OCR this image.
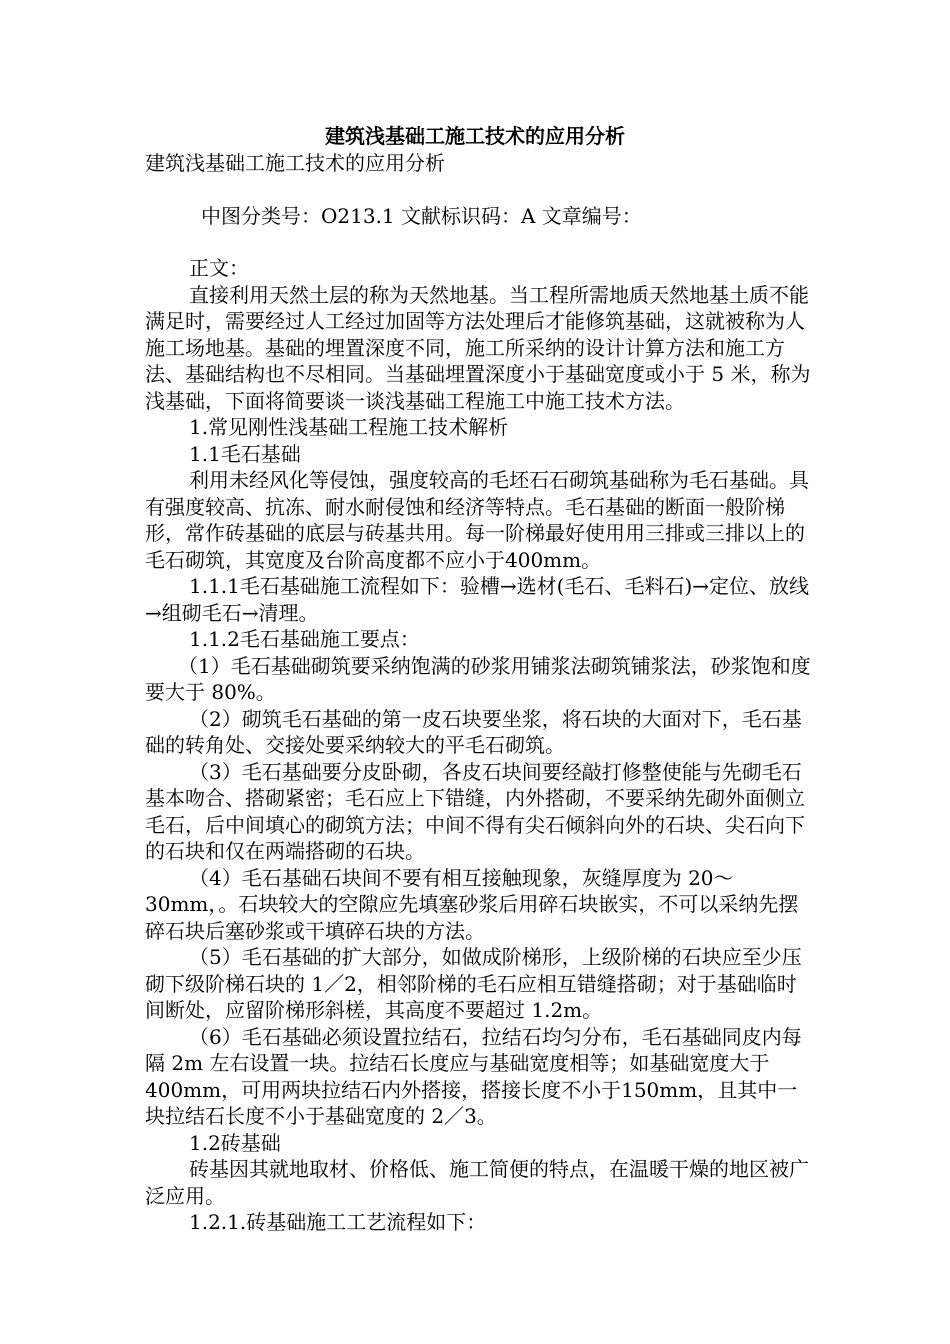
建筑浅基础工施工技术的应用分析

建筑浅基础工施工技术的应用分析

中图分类号：O213.1 文献标识码：A 文章编号：

正文：

直接利用天然土层的称为天然地基。当工程所需地质天然地基土质不能满足时，需要经过人工经过加固等方法处理后才能修筑基础，这就被称为人施工场地基。基础的埋置深度不同，施工所采纳的设计计算方法和施工方法、基础结构也不尽相同。当基础埋置深度小于基础宽度或小于 5 米，称为浅基础，下面将简要谈一谈浅基础工程施工中施工技术方法。

1.常见刚性浅基础工程施工技术解析

1.1毛石基础

利用未经风化等侵蚀，强度较高的毛坯石石砌筑基础称为毛石基础。具有强度较高、抗冻、耐水耐侵蚀和经济等特点。毛石基础的断面一般阶梯形，常作砖基础的底层与砖基共用。每一阶梯最好使用用三排或三排以上的毛石砌筑，其宽度及台阶高度都不应小于400mm。

1.1.1毛石基础施工流程如下：验槽→选材(毛石、毛料石)→定位、放线→组砌毛石→清理。

1.1.2毛石基础施工要点：

（1）毛石基础砌筑要采纳饱满的砂浆用铺浆法砌筑铺浆法，砂浆饱和度要大于 80%。

（2）砌筑毛石基础的第一皮石块要坐浆，将石块的大面对下，毛石基础的转角处、交接处要采纳较大的平毛石砌筑。

（3）毛石基础要分皮卧砌，各皮石块间要经敲打修整使能与先砌毛石基本吻合、搭砌紧密；毛石应上下错缝，内外搭砌，不要采纳先砌外面侧立毛石，后中间填心的砌筑方法；中间不得有尖石倾斜向外的石块、尖石向下的石块和仅在两端搭砌的石块。

（4）毛石基础石块间不要有相互接触现象，灰缝厚度为 20～30mm，。石块较大的空隙应先填塞砂浆后用碎石块嵌实，不可以采纳先摆碎石块后塞砂浆或干填碎石块的方法。

（5）毛石基础的扩大部分，如做成阶梯形，上级阶梯的石块应至少压砌下级阶梯石块的 1／2，相邻阶梯的毛石应相互错缝搭砌；对于基础临时间断处，应留阶梯形斜槎，其高度不要超过 1.2m。

（6）毛石基础必须设置拉结石，拉结石均匀分布，毛石基础同皮内每隔 2m 左右设置一块。拉结石长度应与基础宽度相等；如基础宽度大于400mm，可用两块拉结石内外搭接，搭接长度不小于150mm，且其中一块拉结石长度不小于基础宽度的 2／3。

1.2砖基础

砖基因其就地取材、价格低、施工简便的特点，在温暖干燥的地区被广泛应用。

1.2.1.砖基础施工工艺流程如下：
